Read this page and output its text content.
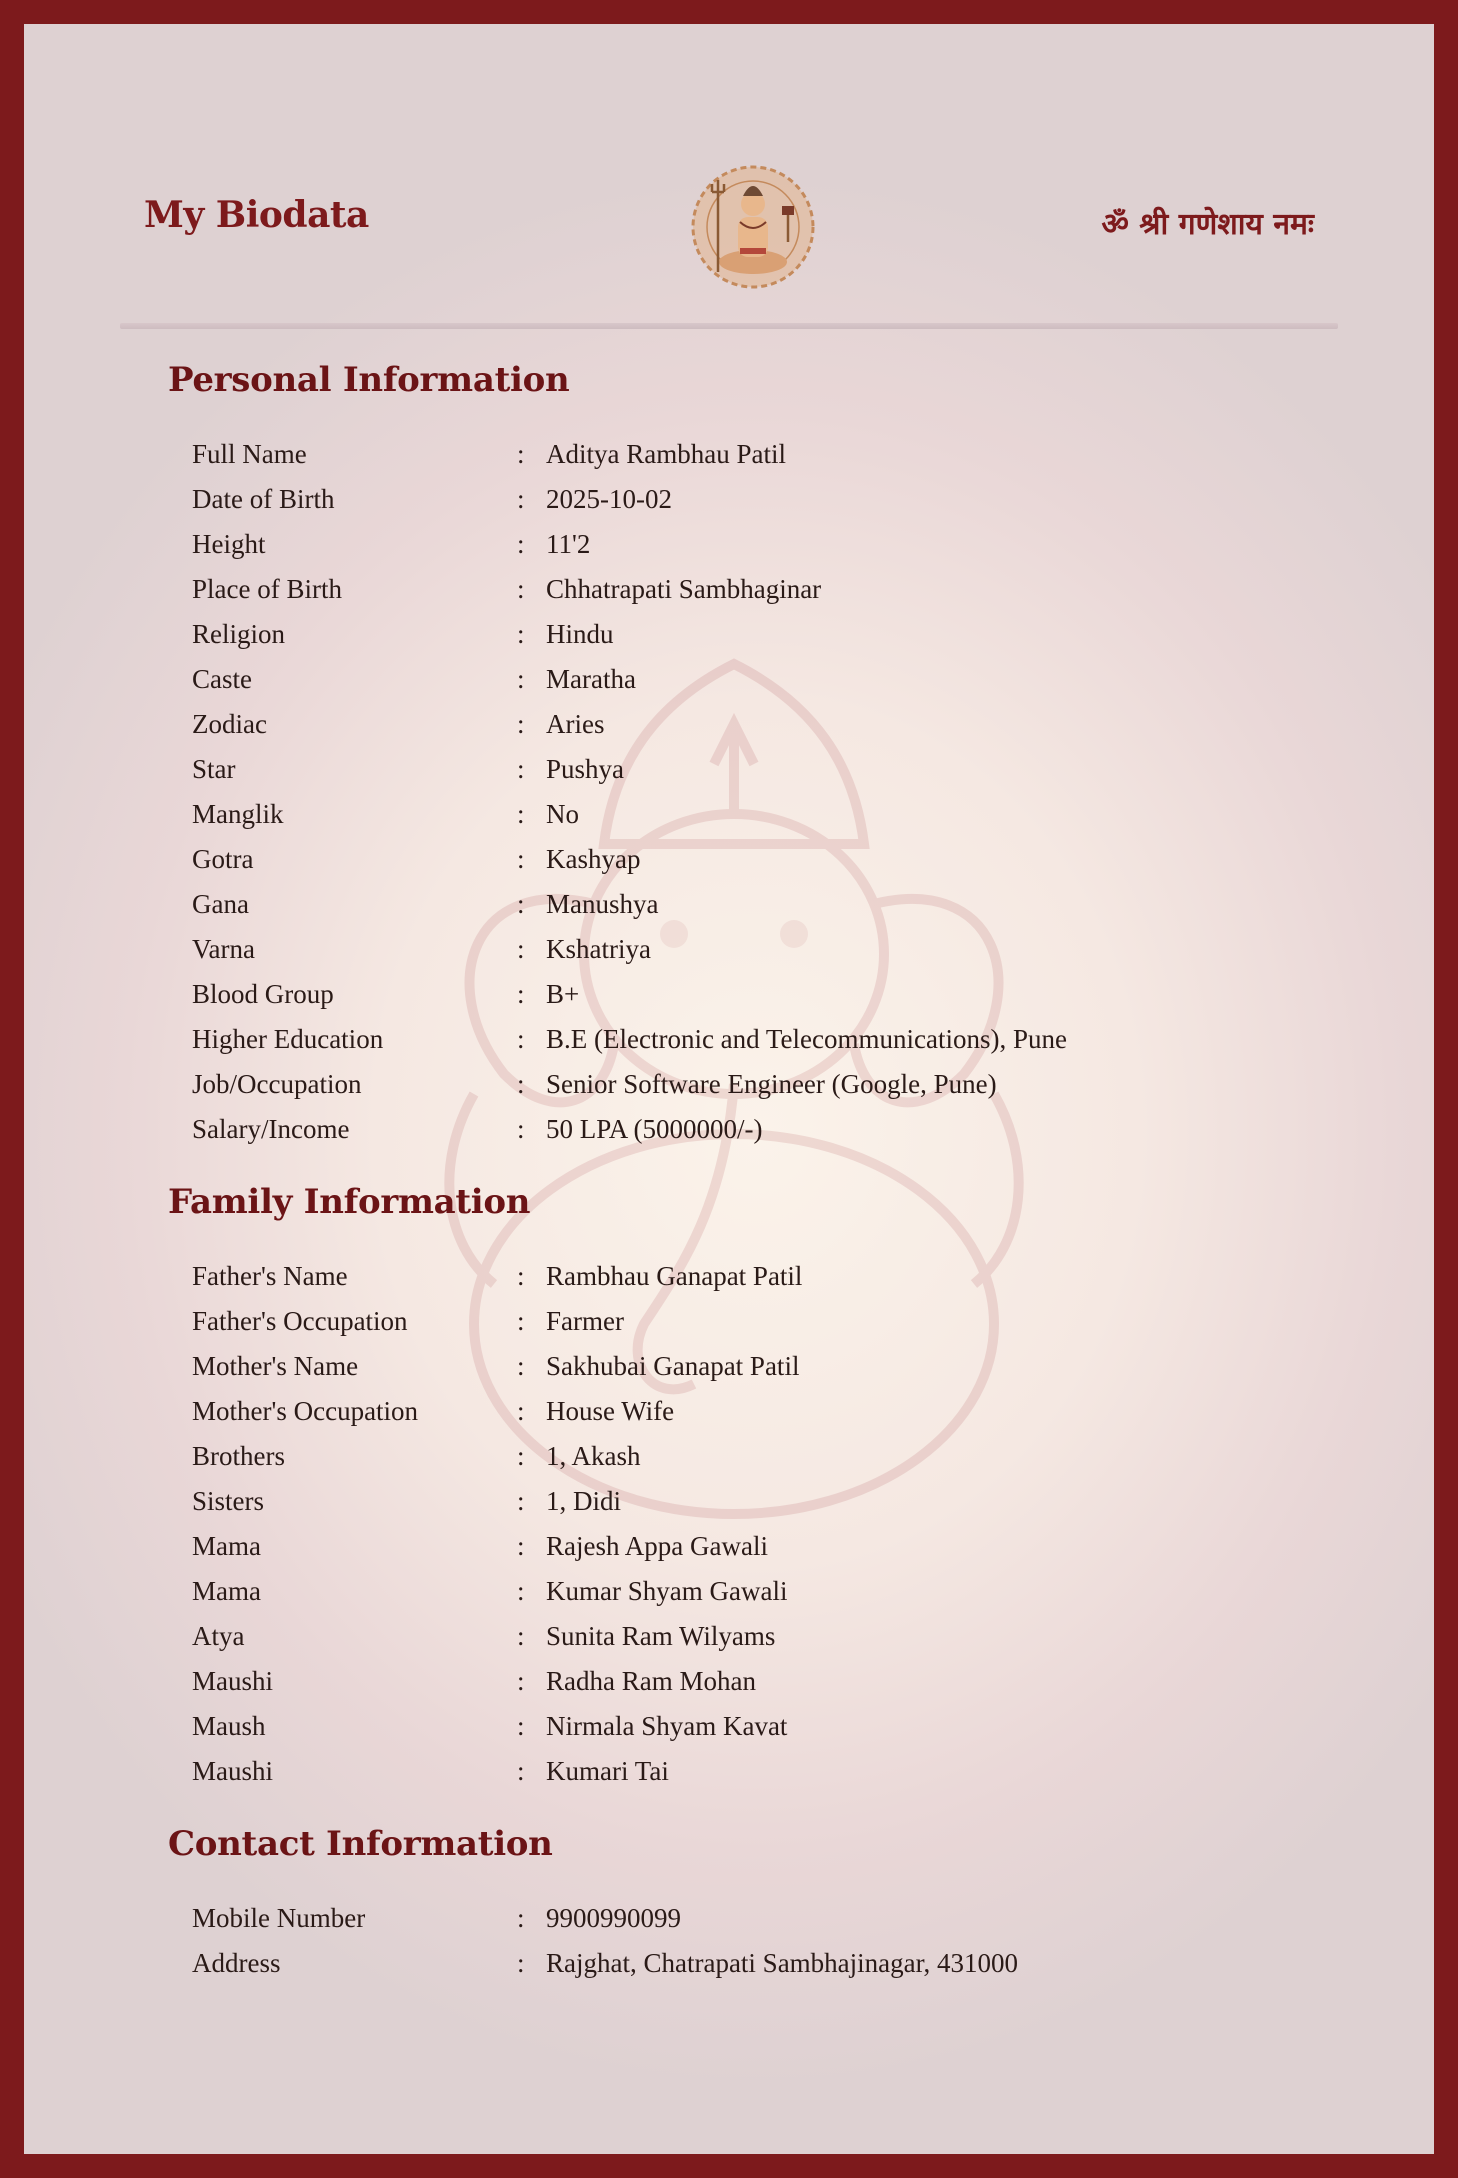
My Biodata	ॐ श्री गणेशाय नमः
Personal Information
Full Name	: Aditya Rambhau Patil
Date of Birth	: 2025-10-02
Height	: 11'2
Place of Birth	: Chhatrapati Sambhaginar
Religion	: Hindu
Caste	: Maratha
Zodiac	: Aries
Star	: Pushya
Manglik	: No
Gotra	: Kashyap
Gana	: Manushya
Varna	: Kshatriya
Blood Group	: B+
Higher Education	: B.E (Electronic and Telecommunications), Pune
Job/Occupation	: Senior Software Engineer (Google, Pune)
Salary/Income	: 50 LPA (5000000/-)
Family Information
Father's Name	: Rambhau Ganapat Patil
Father's Occupation	: Farmer
Mother's Name	: Sakhubai Ganapat Patil
Mother's Occupation	: House Wife
Brothers	: 1, Akash
Sisters	: 1, Didi
Mama	: Rajesh Appa Gawali
Mama	: Kumar Shyam Gawali
Atya	: Sunita Ram Wilyams
Maushi	: Radha Ram Mohan
Maush	: Nirmala Shyam Kavat
Maushi	: Kumari Tai
Contact Information
Mobile Number	: 9900990099
Address	: Rajghat, Chatrapati Sambhajinagar, 431000
